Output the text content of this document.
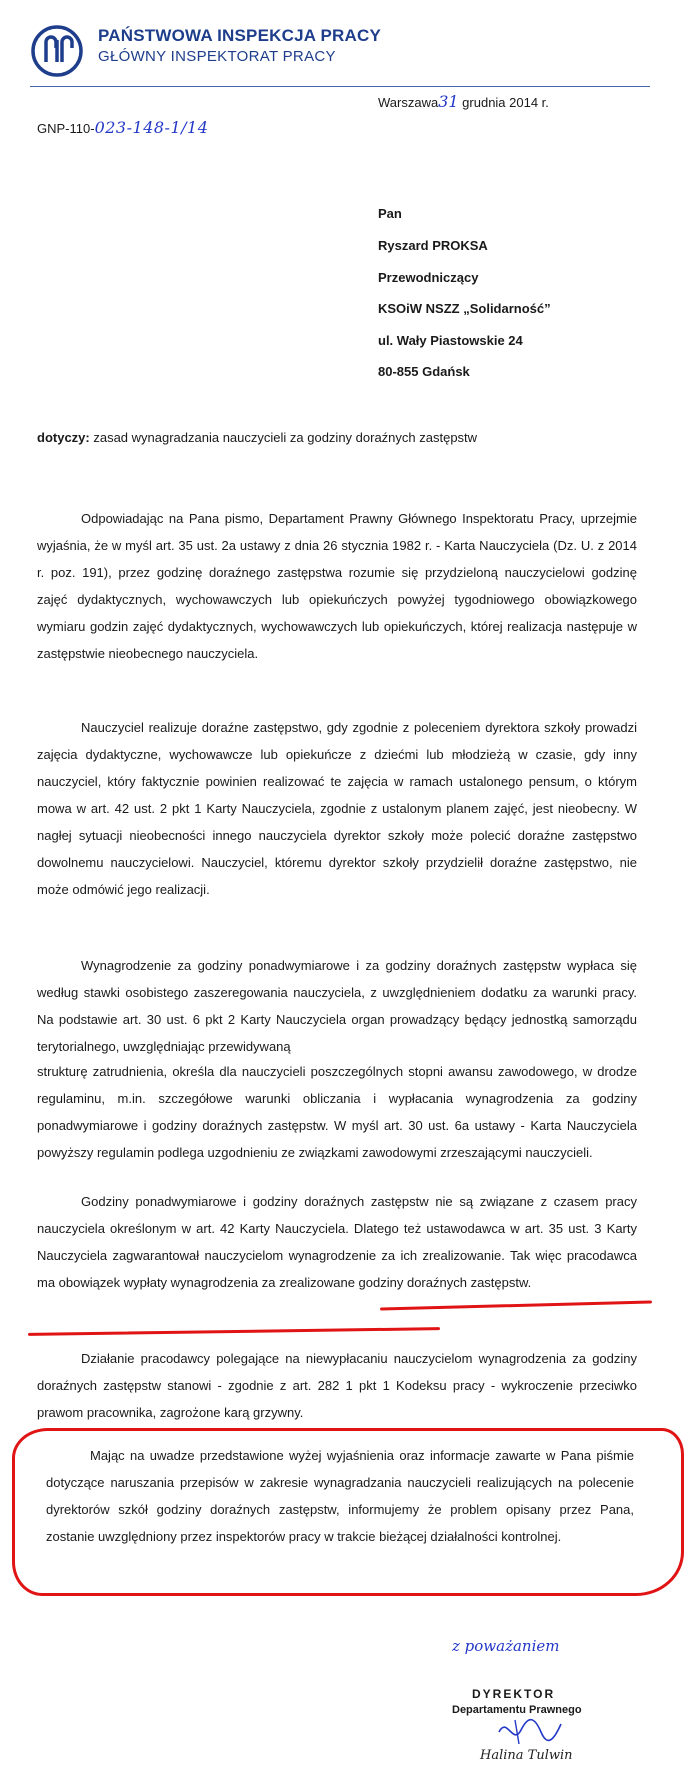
PAŃSTWOWA INSPEKCJA PRACY
GŁÓWNY INSPEKTORAT PRACY
Warszawa31 grudnia 2014 r.
GNP-110-023-148-1/14
Pan
Ryszard PROKSA
Przewodniczący
KSOiW NSZZ „Solidarność”
ul. Wały Piastowskie 24
80-855 Gdańsk
dotyczy: zasad wynagradzania nauczycieli za godziny doraźnych zastępstw
Odpowiadając na Pana pismo, Departament Prawny Głównego Inspektoratu Pracy, uprzejmie wyjaśnia, że w myśl art. 35 ust. 2a ustawy z dnia 26 stycznia 1982 r. - Karta Nauczyciela (Dz. U. z 2014 r. poz. 191), przez godzinę doraźnego zastępstwa rozumie się przydzieloną nauczycielowi godzinę zajęć dydaktycznych, wychowawczych lub opiekuńczych powyżej tygodniowego obowiązkowego wymiaru godzin zajęć dydaktycznych, wychowawczych lub opiekuńczych, której realizacja następuje w zastępstwie nieobecnego nauczyciela.
Nauczyciel realizuje doraźne zastępstwo, gdy zgodnie z poleceniem dyrektora szkoły prowadzi zajęcia dydaktyczne, wychowawcze lub opiekuńcze z dziećmi lub młodzieżą w czasie, gdy inny nauczyciel, który faktycznie powinien realizować te zajęcia w ramach ustalonego pensum, o którym mowa w art. 42 ust. 2 pkt 1 Karty Nauczyciela, zgodnie z ustalonym planem zajęć, jest nieobecny. W nagłej sytuacji nieobecności innego nauczyciela dyrektor szkoły może polecić doraźne zastępstwo dowolnemu nauczycielowi. Nauczyciel, któremu dyrektor szkoły przydzielił doraźne zastępstwo, nie może odmówić jego realizacji.
Wynagrodzenie za godziny ponadwymiarowe i za godziny doraźnych zastępstw wypłaca się według stawki osobistego zaszeregowania nauczyciela, z uwzględnieniem dodatku za warunki pracy. Na podstawie art. 30 ust. 6 pkt 2 Karty Nauczyciela organ prowadzący będący jednostką samorządu terytorialnego, uwzględniając przewidywaną
strukturę zatrudnienia, określa dla nauczycieli poszczególnych stopni awansu zawodowego, w drodze regulaminu, m.in. szczegółowe warunki obliczania i wypłacania wynagrodzenia za godziny ponadwymiarowe i godziny doraźnych zastępstw. W myśl art. 30 ust. 6a ustawy - Karta Nauczyciela powyższy regulamin podlega uzgodnieniu ze związkami zawodowymi zrzeszającymi nauczycieli.
Godziny ponadwymiarowe i godziny doraźnych zastępstw nie są związane z czasem pracy nauczyciela określonym w art. 42 Karty Nauczyciela. Dlatego też ustawodawca w art. 35 ust. 3 Karty Nauczyciela zagwarantował nauczycielom wynagrodzenie za ich zrealizowanie. Tak więc pracodawca ma obowiązek wypłaty wynagrodzenia za zrealizowane godziny doraźnych zastępstw.
Działanie pracodawcy polegające na niewypłacaniu nauczycielom wynagrodzenia za godziny doraźnych zastępstw stanowi - zgodnie z art. 282 1 pkt 1 Kodeksu pracy - wykroczenie przeciwko prawom pracownika, zagrożone karą grzywny.
Mając na uwadze przedstawione wyżej wyjaśnienia oraz informacje zawarte w Pana piśmie dotyczące naruszania przepisów w zakresie wynagradzania nauczycieli realizujących na polecenie dyrektorów szkół godziny doraźnych zastępstw, informujemy że problem opisany przez Pana, zostanie uwzględniony przez inspektorów pracy w trakcie bieżącej działalności kontrolnej.
z poważaniem
DYREKTOR
Departamentu Prawnego
Halina Tulwin
